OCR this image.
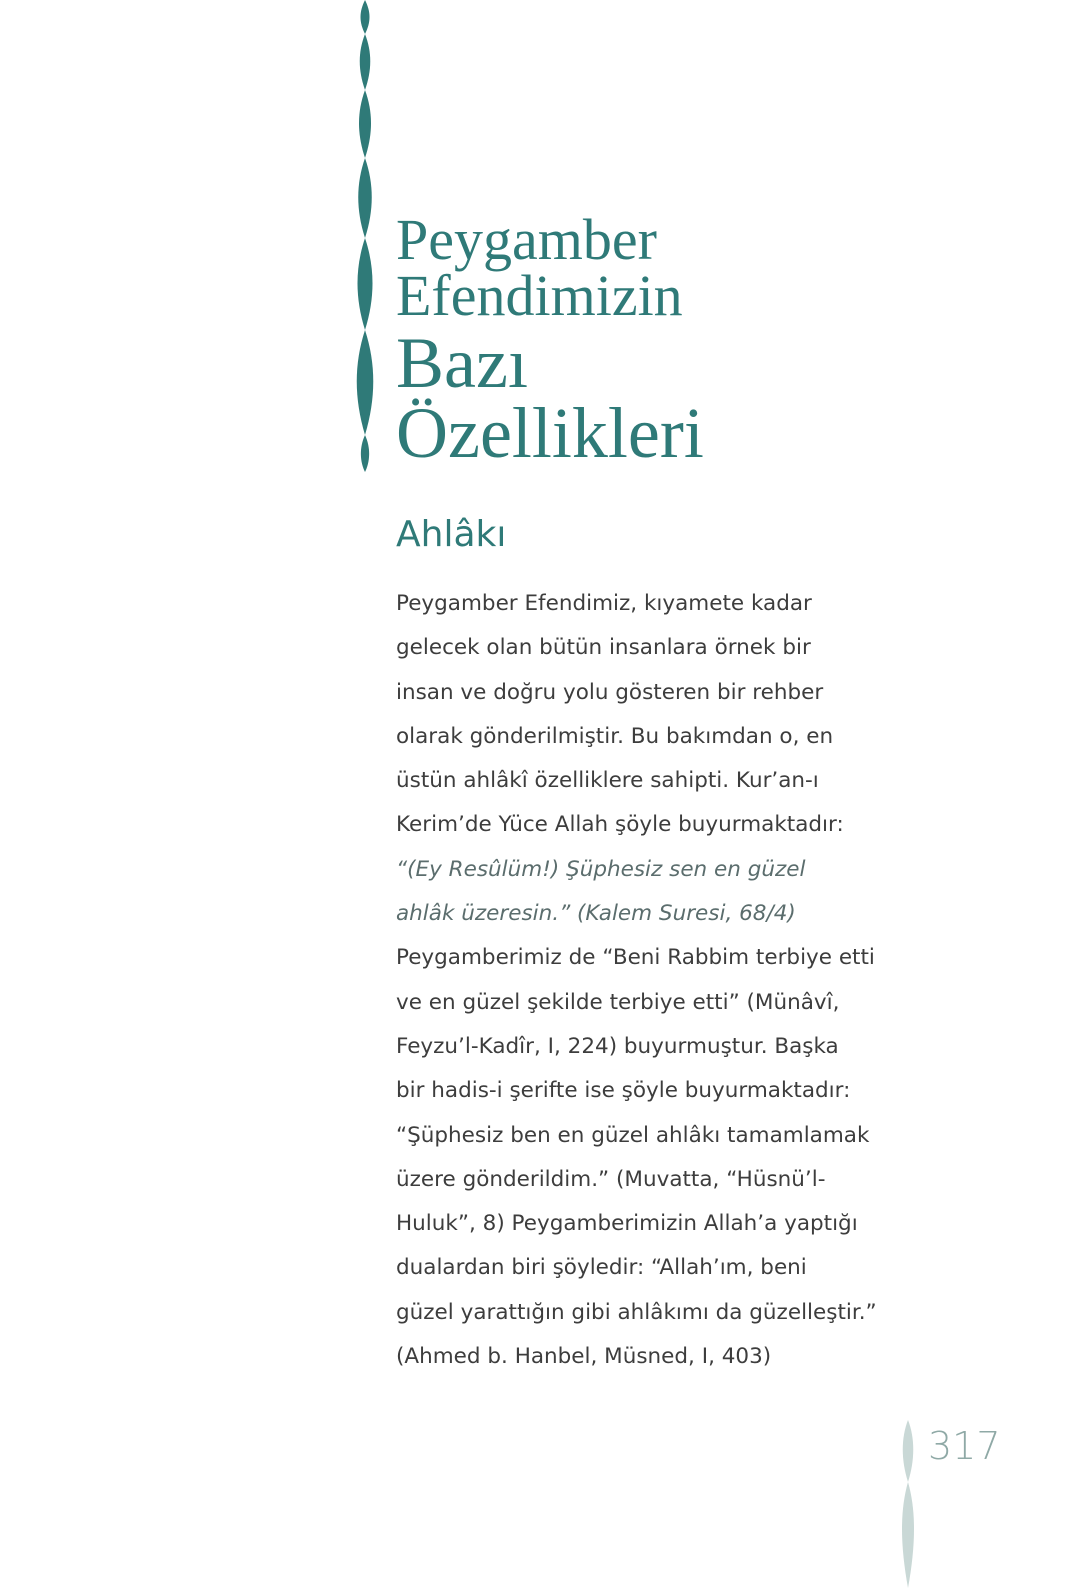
Peygamber
Efendimizin
Bazı
Özellikleri
Ahlâkı
Peygamber Efendimiz, kıyamete kadar
gelecek olan bütün insanlara örnek bir
insan ve doğru yolu gösteren bir rehber
olarak gönderilmiştir. Bu bakımdan o, en
üstün ahlâkî özelliklere sahipti. Kur’an-ı
Kerim’de Yüce Allah şöyle buyurmaktadır:
“(Ey Resûlüm!) Şüphesiz sen en güzel
ahlâk üzeresin.” (Kalem Suresi, 68/4)
Peygamberimiz de “Beni Rabbim terbiye etti
ve en güzel şekilde terbiye etti” (Münâvî,
Feyzu’l-Kadîr, I, 224) buyurmuştur. Başka
bir hadis-i şerifte ise şöyle buyurmaktadır:
“Şüphesiz ben en güzel ahlâkı tamamlamak
üzere gönderildim.” (Muvatta, “Hüsnü’l-
Huluk”, 8) Peygamberimizin Allah’a yaptığı
dualardan biri şöyledir: “Allah’ım, beni
güzel yarattığın gibi ahlâkımı da güzelleştir.”
(Ahmed b. Hanbel, Müsned, I, 403)
317
